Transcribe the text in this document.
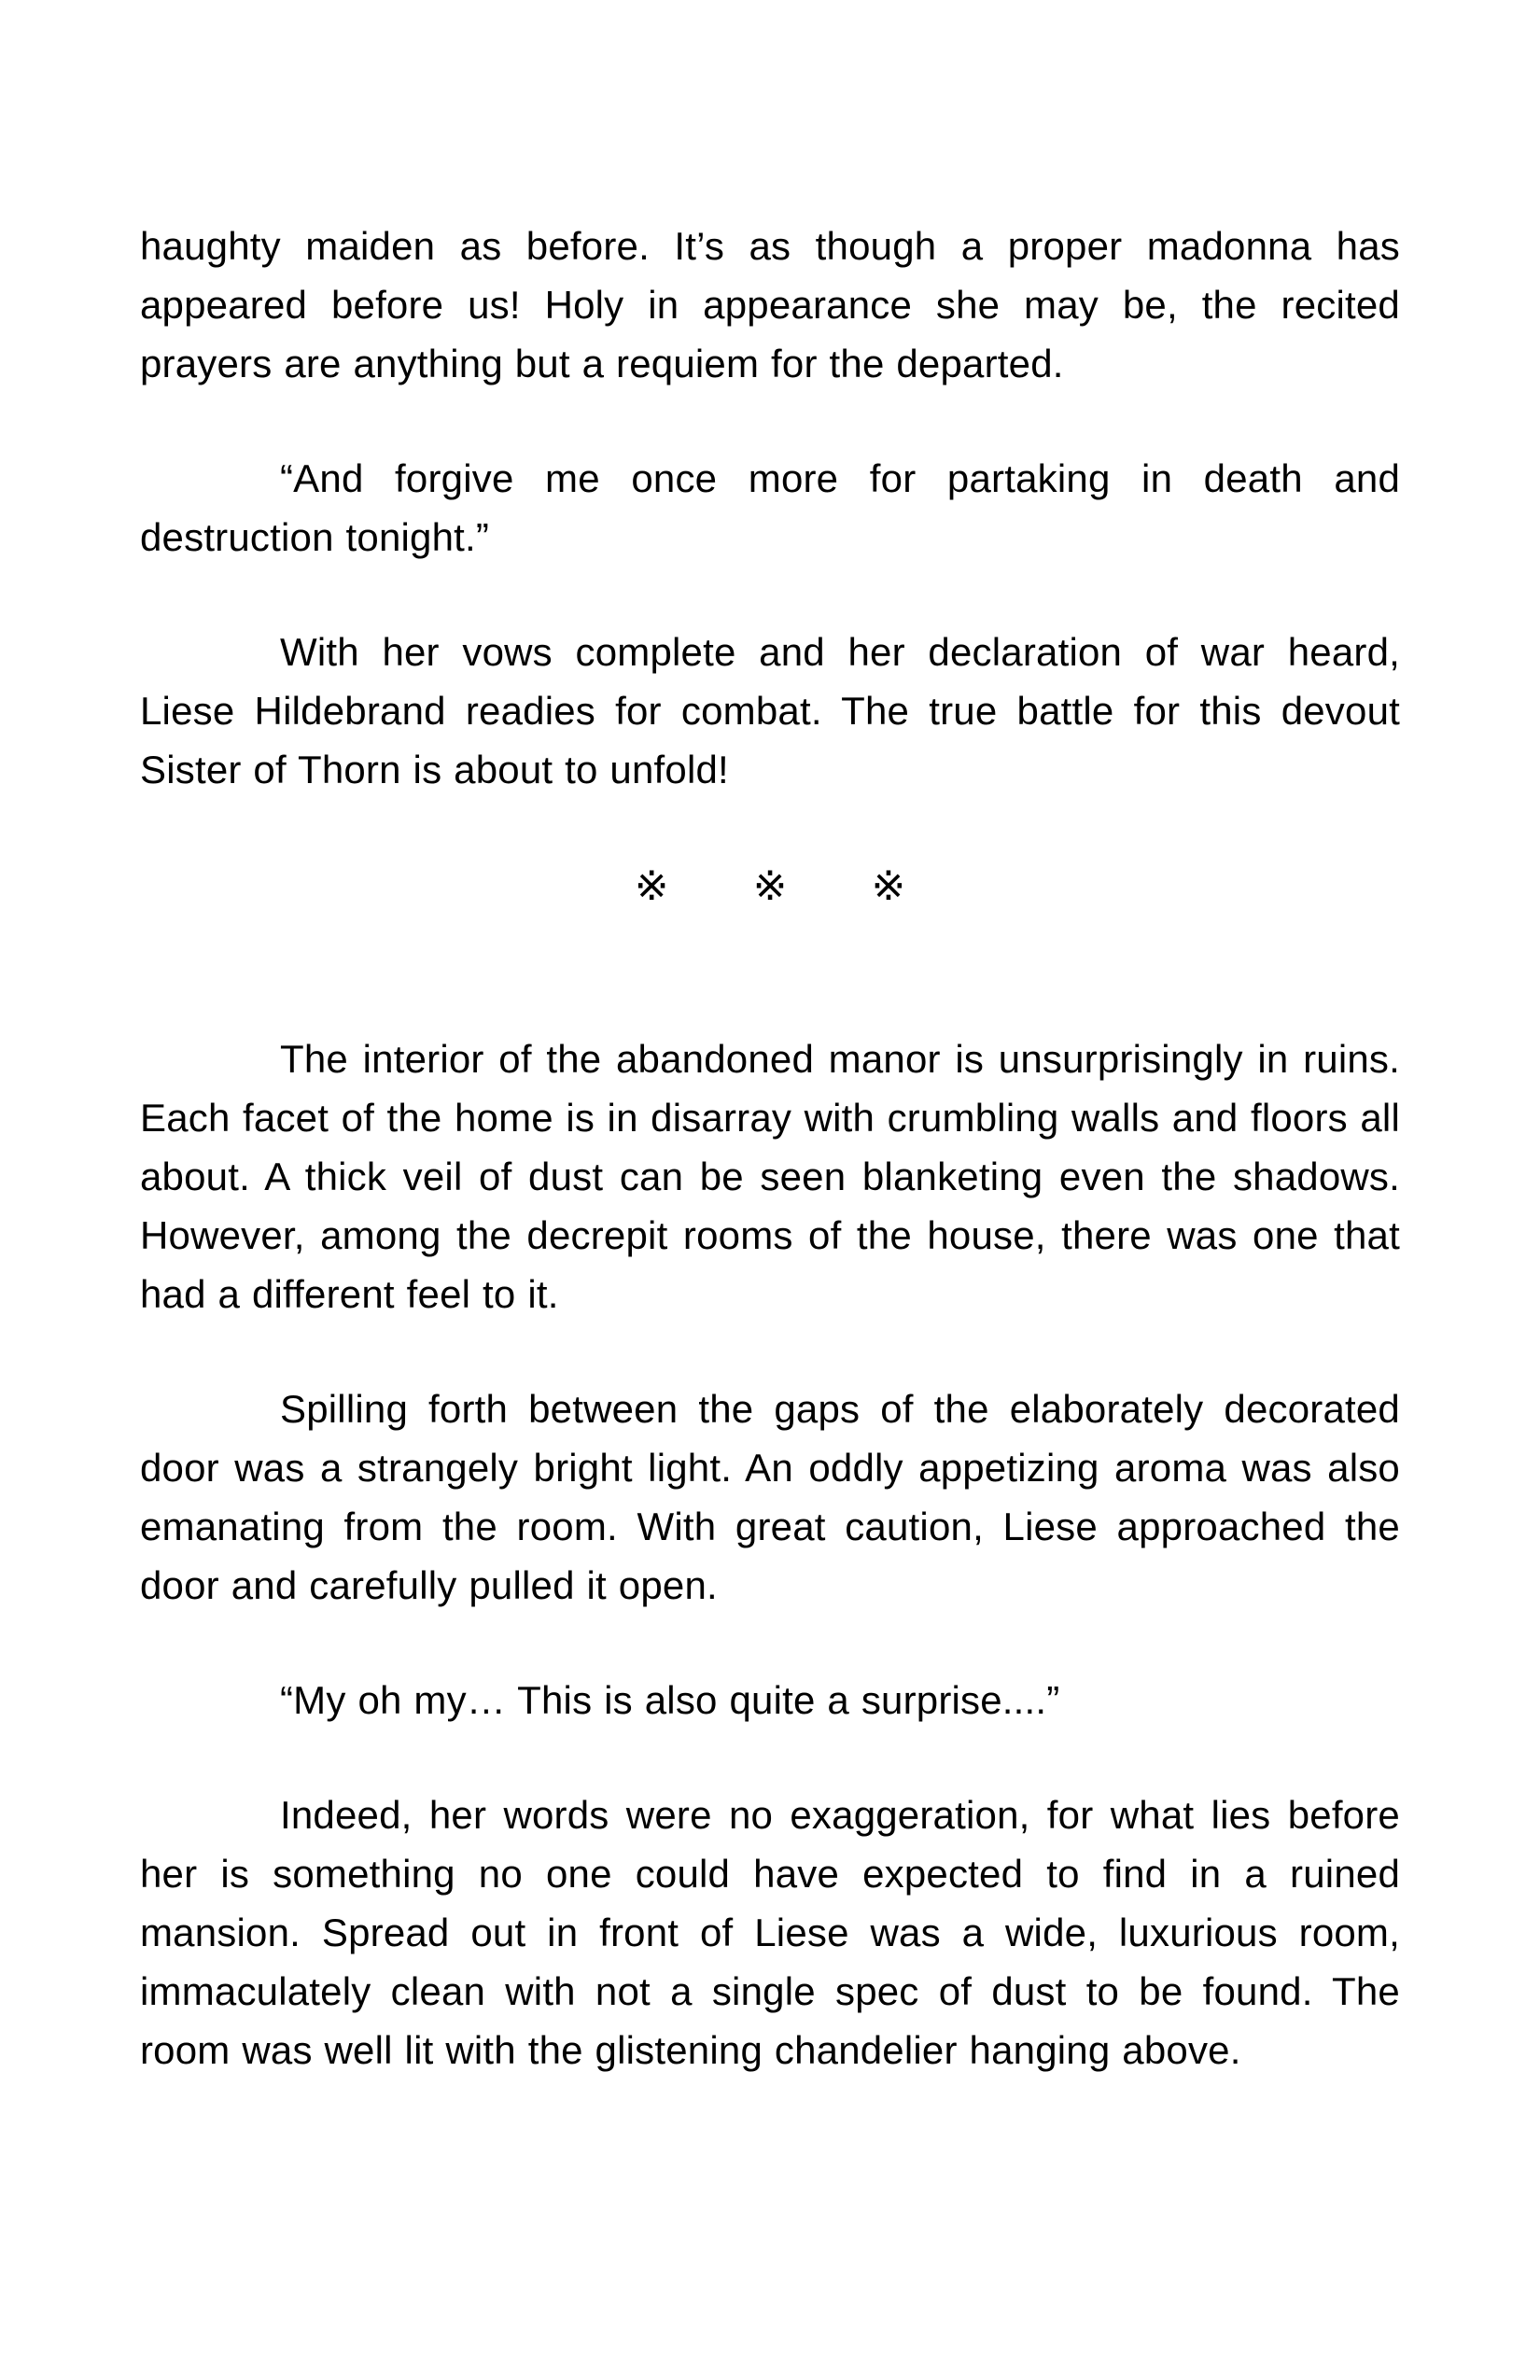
haughty maiden as before. It’s as though a proper madonna has appeared before us! Holy in appearance she may be, the recited prayers are anything but a requiem for the departed.

“And forgive me once more for partaking in death and destruction tonight.”

With her vows complete and her declaration of war heard, Liese Hildebrand readies for combat. The true battle for this devout Sister of Thorn is about to unfold!

※ ※ ※

The interior of the abandoned manor is unsurprisingly in ruins. Each facet of the home is in disarray with crumbling walls and floors all about. A thick veil of dust can be seen blanketing even the shadows. However, among the decrepit rooms of the house, there was one that had a different feel to it.

Spilling forth between the gaps of the elaborately decorated door was a strangely bright light. An oddly appetizing aroma was also emanating from the room. With great caution, Liese approached the door and carefully pulled it open.

“My oh my… This is also quite a surprise....”

Indeed, her words were no exaggeration, for what lies before her is something no one could have expected to find in a ruined mansion. Spread out in front of Liese was a wide, luxurious room, immaculately clean with not a single spec of dust to be found. The room was well lit with the glistening chandelier hanging above.
